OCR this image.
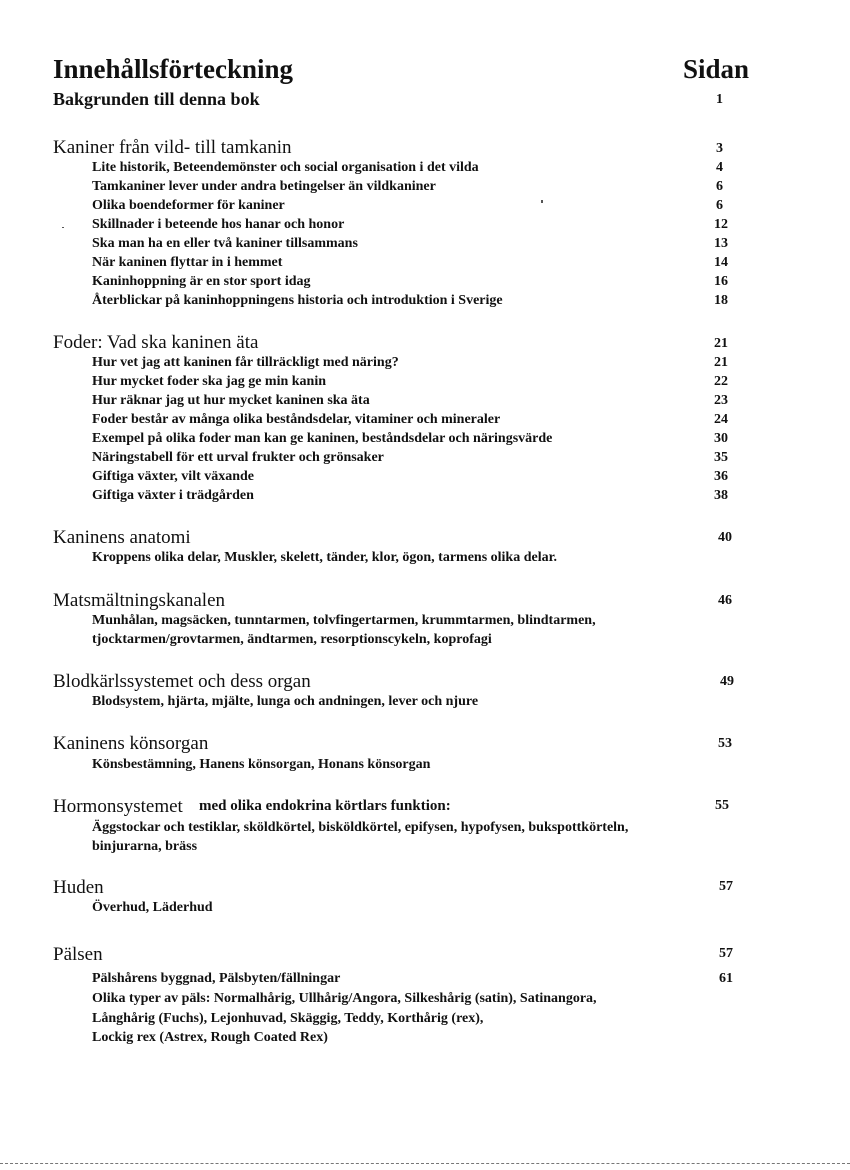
Innehållsförteckning	Sidan
Bakgrunden till denna bok	1
Kaniner från vild- till tamkanin	3
Lite historik, Beteendemönster och social organisation i det vilda	4
Tamkaniner lever under andra betingelser än vildkaniner	6
Olika boendeformer för kaniner	6
Skillnader i beteende hos hanar och honor	12
Ska man ha en eller två kaniner tillsammans	13
När kaninen flyttar in i hemmet	14
Kaninhoppning är en stor sport idag	16
Återblickar på kaninhoppningens historia och introduktion i Sverige	18
Foder: Vad ska kaninen äta	21
Hur vet jag att kaninen får tillräckligt med näring?	21
Hur mycket foder ska jag ge min kanin	22
Hur räknar jag ut hur mycket kaninen ska äta	23
Foder består av många olika beståndsdelar, vitaminer och mineraler	24
Exempel på olika foder man kan ge kaninen, beståndsdelar och näringsvärde	30
Näringstabell för ett urval frukter och grönsaker	35
Giftiga växter, vilt växande	36
Giftiga växter i trädgården	38
Kaninens anatomi	40
Kroppens olika delar, Muskler, skelett, tänder, klor, ögon, tarmens olika delar.
Matsmältningskanalen	46
Munhålan, magsäcken, tunntarmen, tolvfingertarmen, krummtarmen, blindtarmen,
tjocktarmen/grovtarmen, ändtarmen, resorptionscykeln, koprofagi
Blodkärlssystemet och dess organ	49
Blodsystem, hjärta, mjälte, lunga och andningen, lever och njure
Kaninens könsorgan	53
Könsbestämning, Hanens könsorgan, Honans könsorgan
Hormonsystemet med olika endokrina körtlars funktion:	55
Äggstockar och testiklar, sköldkörtel, bisköldkörtel, epifysen, hypofysen, bukspottkörteln,
binjurarna, bräss
Huden	57
Överhud, Läderhud
Pälsen	57
Pälshårens byggnad, Pälsbyten/fällningar	61
Olika typer av päls: Normalhårig, Ullhårig/Angora, Silkeshårig (satin), Satinangora,
Långhårig (Fuchs), Lejonhuvad, Skäggig, Teddy, Korthårig (rex),
Lockig rex (Astrex, Rough Coated Rex)
